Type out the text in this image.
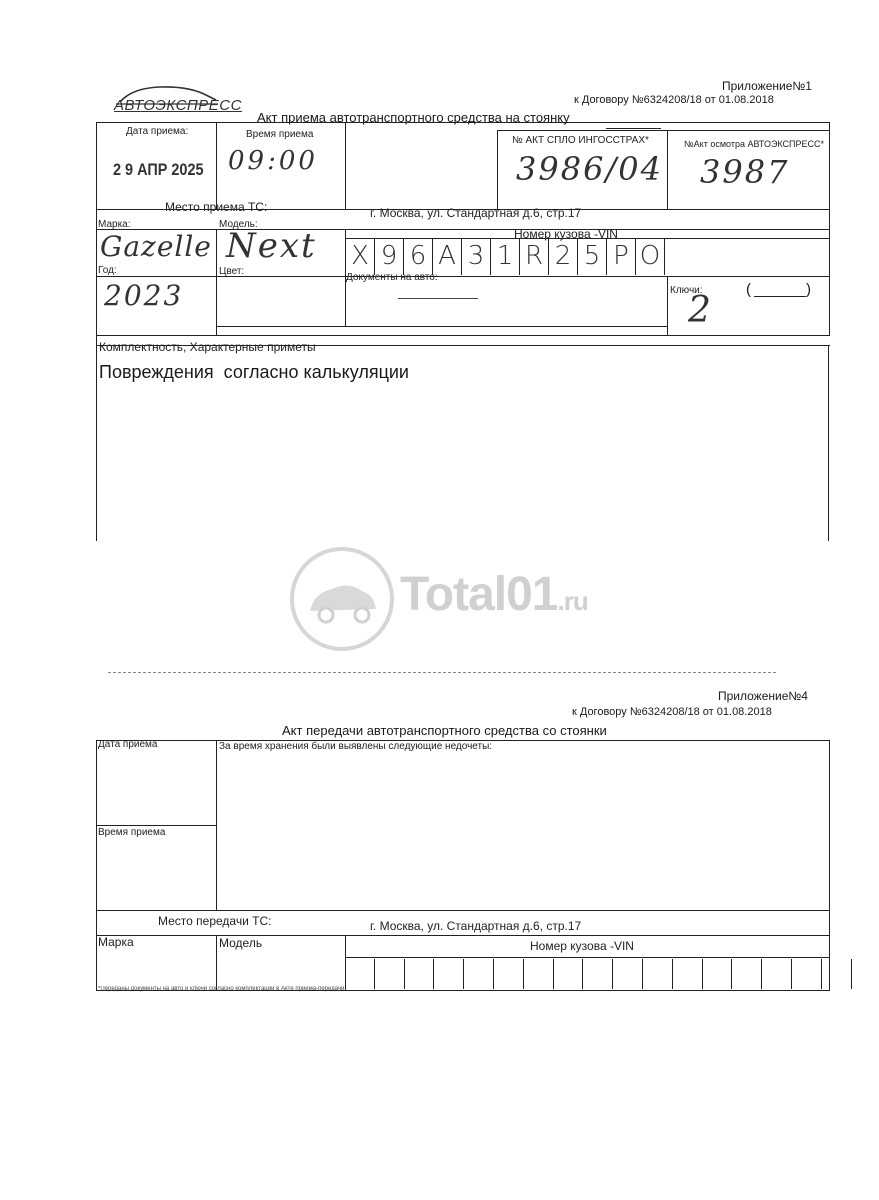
АВТОЭКСПРЕСС
Приложение№1
к Договору №6324208/18 от 01.08.2018
Акт приема автотранспортного средства на стоянку
Дата приема:
2 9 АПР 2025
Время приема
09:00
№ АКТ СПЛО ИНГОССТРАХ*
3986/04
№Акт осмотра АВТОЭКСПРЕСС*
3987
Место приема ТС:	г. Москва, ул. Стандартная д.6, стр.17
Марка:
Gazelle
Модель:
Next	Номер кузова -VIN
X 9 6 A 3 1 R 2 5 P O
Год:
2023
Цвет:
Документы на авто:
Ключи:	(	)
2
Комплектность, Характерные приметы
Повреждения  согласно калькуляции
Total01.ru
Приложение№4
к Договору №6324208/18 от 01.08.2018
Акт передачи автотранспортного средства со стоянки
Дата приема	За время хранения были выявлены следующие недочеты:
Время приема
Место передачи ТС:	г. Москва, ул. Стандартная д.6, стр.17
Марка	Модель	Номер кузова -VIN
*Переданы документы на авто и ключи согласно комплектации в Акте приема-передачи
